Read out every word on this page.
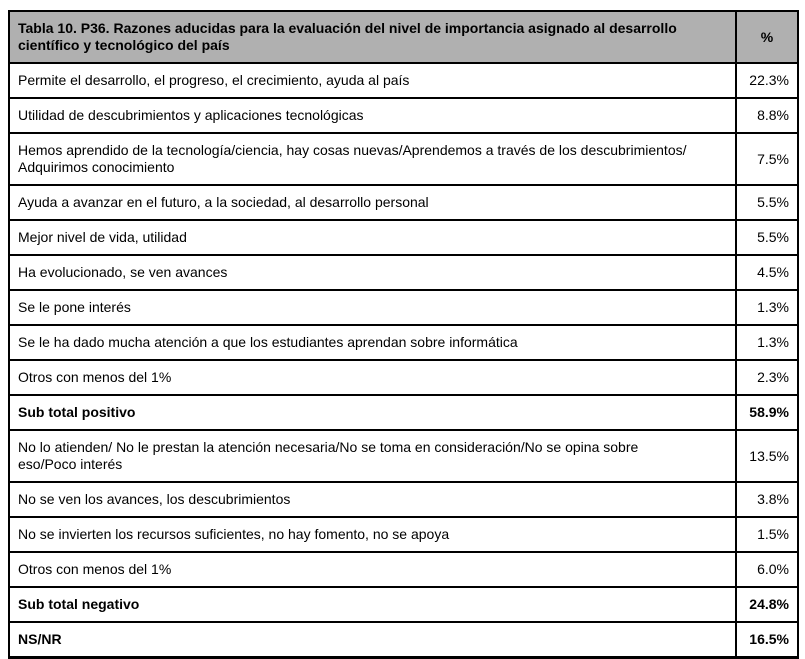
Tabla 10. P36. Razones aducidas para la evaluación del nivel de importancia asignado al desarrollo científico y tecnológico del país	%
Permite el desarrollo, el progreso, el crecimiento, ayuda al país	22.3%
Utilidad de descubrimientos y aplicaciones tecnológicas	8.8%
Hemos aprendido de la tecnología/ciencia, hay cosas nuevas/Aprendemos a través de los descubrimientos/ Adquirimos conocimiento	7.5%
Ayuda a avanzar en el futuro, a la sociedad, al desarrollo personal	5.5%
Mejor nivel de vida, utilidad	5.5%
Ha evolucionado, se ven avances	4.5%
Se le pone interés	1.3%
Se le ha dado mucha atención a que los estudiantes aprendan sobre informática	1.3%
Otros con menos del 1%	2.3%
Sub total positivo	58.9%
No lo atienden/ No le prestan la atención necesaria/No se toma en consideración/No se opina sobre eso/Poco interés	13.5%
No se ven los avances, los descubrimientos	3.8%
No se invierten los recursos suficientes, no hay fomento, no se apoya	1.5%
Otros con menos del 1%	6.0%
Sub total negativo	24.8%
NS/NR	16.5%
